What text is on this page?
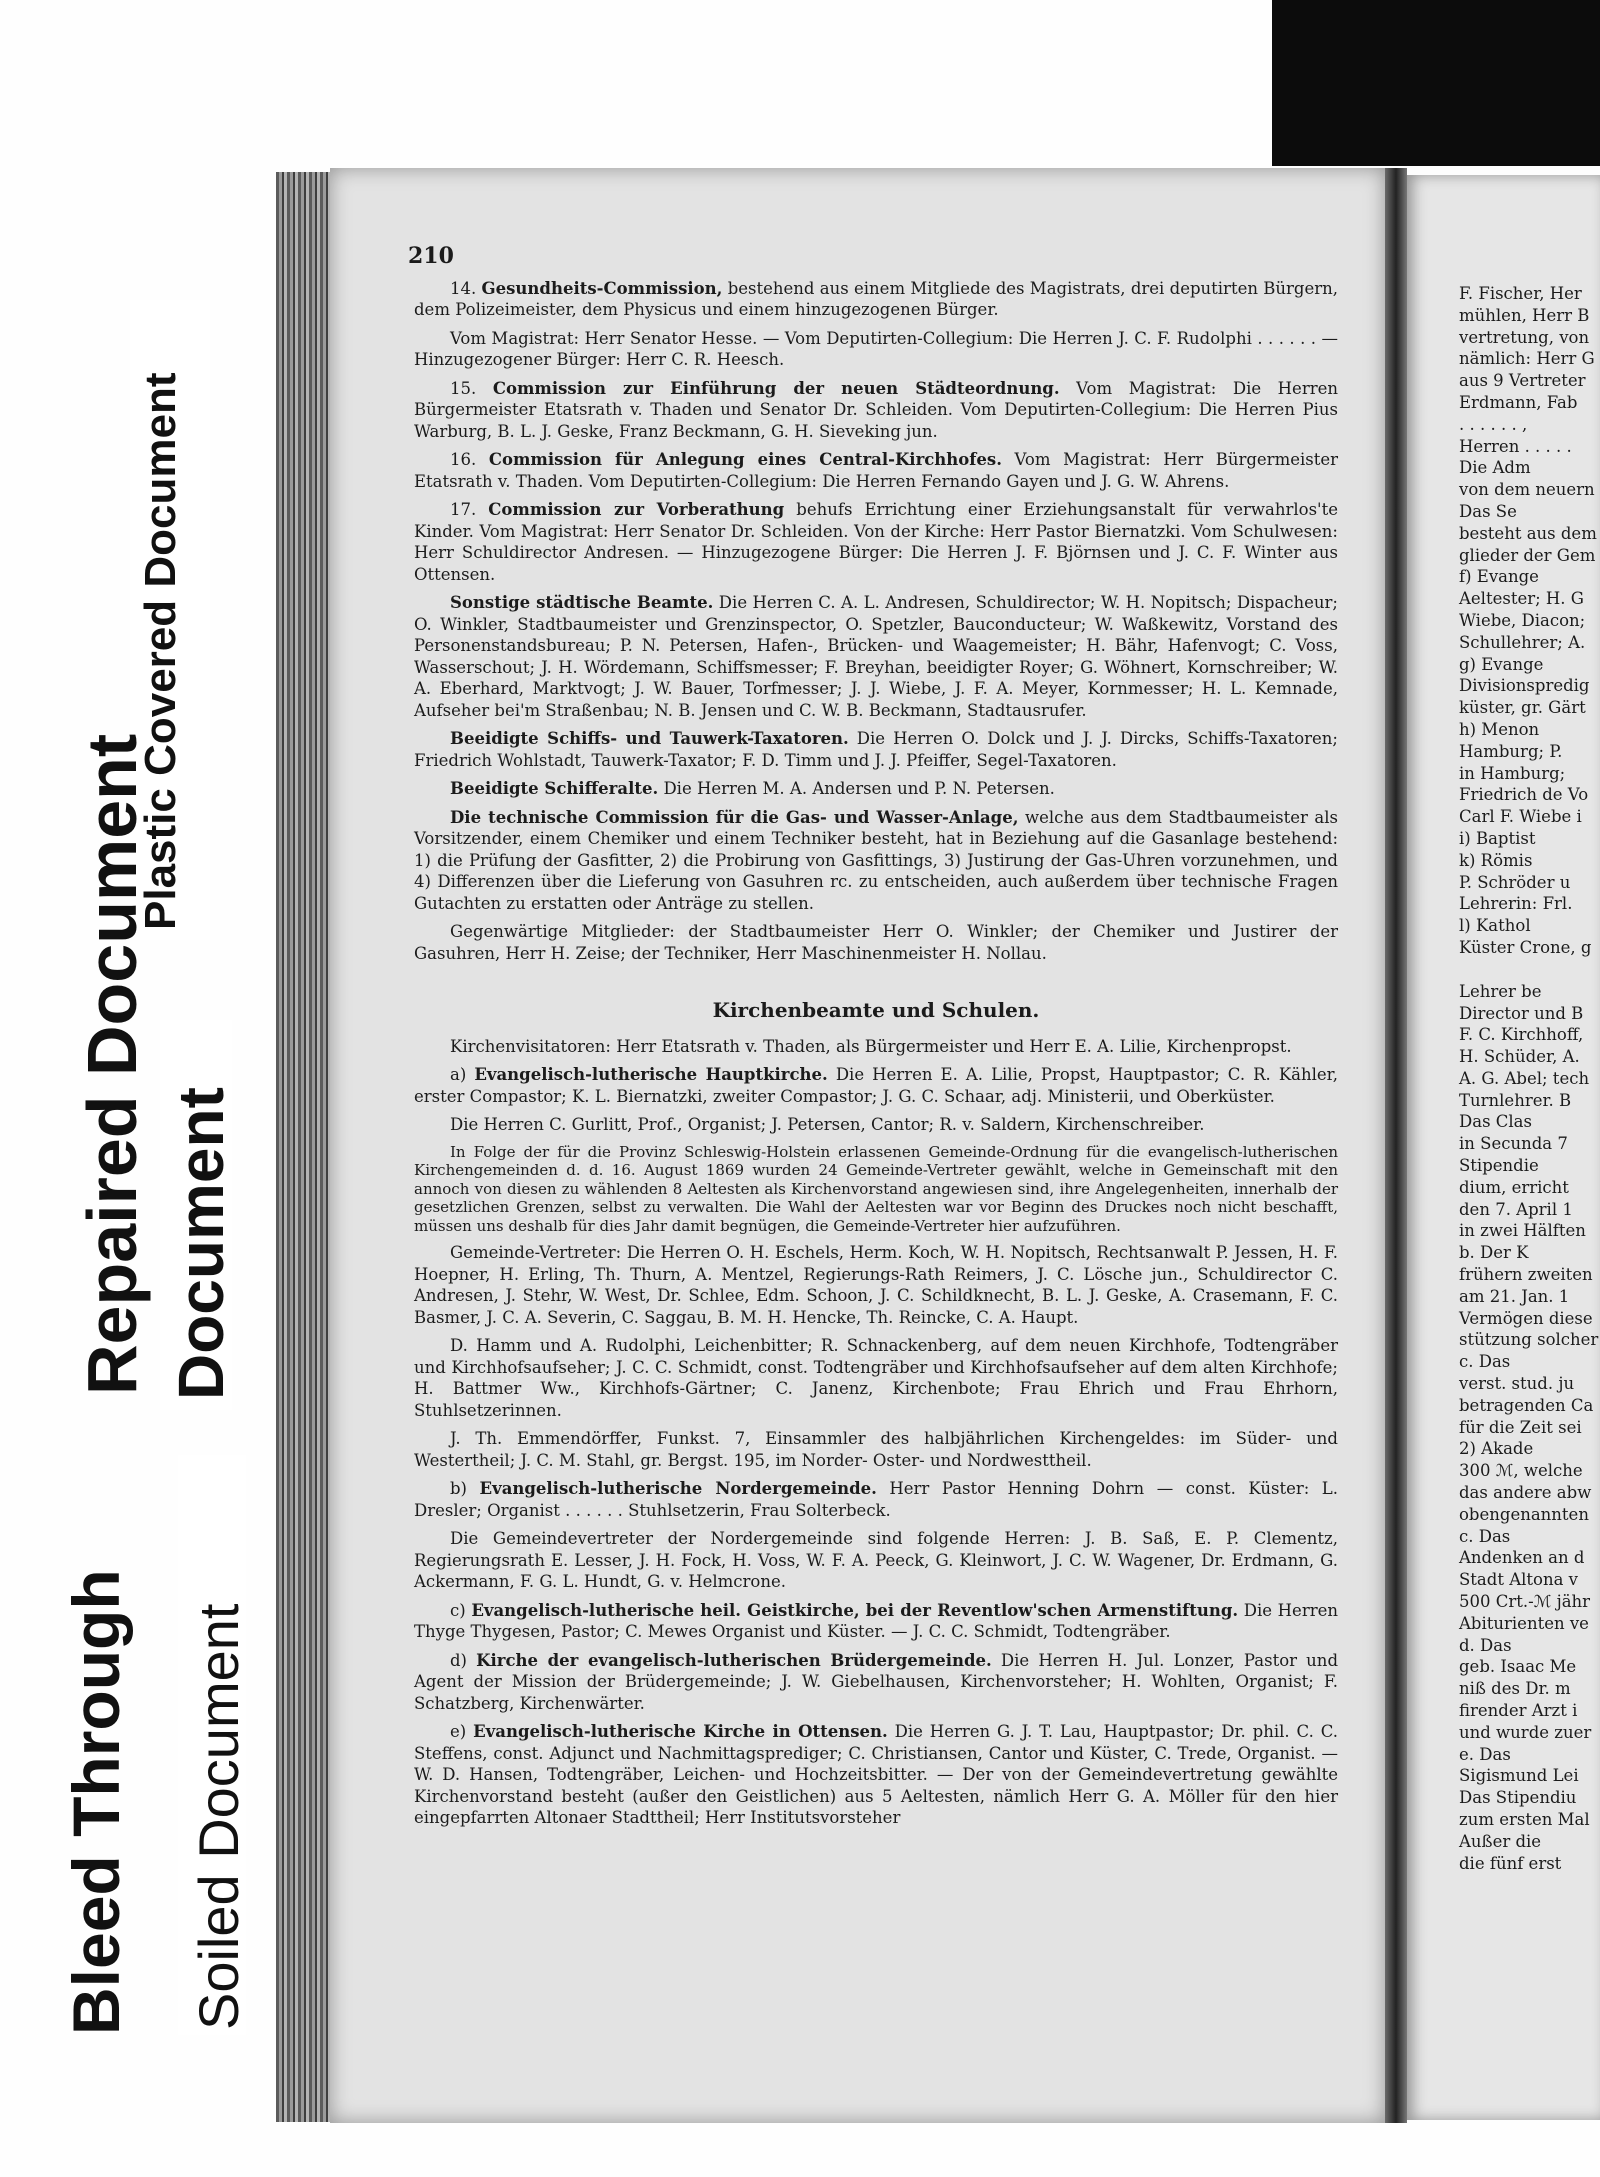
Plastic Covered Document
Repaired Document Document
Bleed Through Soiled Document
210

14. Gesundheits-Commission, bestehend aus einem Mitgliede des Magistrats, drei deputirten Bürgern, dem Polizeimeister, dem Physicus und einem hinzugezogenen Bürger.

Vom Magistrat: Herr Senator Hesse. — Vom Deputirten-Collegium: Die Herren J. C. F. Rudolphi . . . . . . — Hinzugezogener Bürger: Herr C. R. Heesch.

15. Commission zur Einführung der neuen Städteordnung. Vom Magistrat: Die Herren Bürgermeister Etatsrath v. Thaden und Senator Dr. Schleiden. Vom Deputirten-Collegium: Die Herren Pius Warburg, B. L. J. Geske, Franz Beckmann, G. H. Sieveking jun.

16. Commission für Anlegung eines Central-Kirchhofes. Vom Magistrat: Herr Bürgermeister Etatsrath v. Thaden. Vom Deputirten-Collegium: Die Herren Fernando Gayen und J. G. W. Ahrens.

17. Commission zur Vorberathung behufs Errichtung einer Erziehungsanstalt für verwahrlos'te Kinder. Vom Magistrat: Herr Senator Dr. Schleiden. Von der Kirche: Herr Pastor Biernatzki. Vom Schulwesen: Herr Schuldirector Andresen. — Hinzugezogene Bürger: Die Herren J. F. Björnsen und J. C. F. Winter aus Ottensen.

Sonstige städtische Beamte. Die Herren C. A. L. Andresen, Schuldirector; W. H. Nopitsch; Dispacheur; O. Winkler, Stadtbaumeister und Grenzinspector, O. Spetzler, Bauconducteur; W. Waßkewitz, Vorstand des Personenstandsbureau; P. N. Petersen, Hafen-, Brücken- und Waagemeister; H. Bähr, Hafenvogt; C. Voss, Wasserschout; J. H. Wördemann, Schiffsmesser; F. Breyhan, beeidigter Royer; G. Wöhnert, Kornschreiber; W. A. Eberhard, Marktvogt; J. W. Bauer, Torfmesser; J. J. Wiebe, J. F. A. Meyer, Kornmesser; H. L. Kemnade, Aufseher bei'm Straßenbau; N. B. Jensen und C. W. B. Beckmann, Stadtausrufer.

Beeidigte Schiffs- und Tauwerk-Taxatoren. Die Herren O. Dolck und J. J. Dircks, Schiffs-Taxatoren; Friedrich Wohlstadt, Tauwerk-Taxator; F. D. Timm und J. J. Pfeiffer, Segel-Taxatoren.

Beeidigte Schifferalte. Die Herren M. A. Andersen und P. N. Petersen.

Die technische Commission für die Gas- und Wasser-Anlage, welche aus dem Stadtbaumeister als Vorsitzender, einem Chemiker und einem Techniker besteht, hat in Beziehung auf die Gasanlage bestehend: 1) die Prüfung der Gasfitter, 2) die Probirung von Gasfittings, 3) Justirung der Gas-Uhren vorzunehmen, und 4) Differenzen über die Lieferung von Gasuhren rc. zu entscheiden, auch außerdem über technische Fragen Gutachten zu erstatten oder Anträge zu stellen.

Gegenwärtige Mitglieder: der Stadtbaumeister Herr O. Winkler; der Chemiker und Justirer der Gasuhren, Herr H. Zeise; der Techniker, Herr Maschinenmeister H. Nollau.

Kirchenbeamte und Schulen.

Kirchenvisitatoren: Herr Etatsrath v. Thaden, als Bürgermeister und Herr E. A. Lilie, Kirchenpropst.

a) Evangelisch-lutherische Hauptkirche. Die Herren E. A. Lilie, Propst, Hauptpastor; C. R. Kähler, erster Compastor; K. L. Biernatzki, zweiter Compastor; J. G. C. Schaar, adj. Ministerii, und Oberküster.

Die Herren C. Gurlitt, Prof., Organist; J. Petersen, Cantor; R. v. Saldern, Kirchenschreiber.

In Folge der für die Provinz Schleswig-Holstein erlassenen Gemeinde-Ordnung für die evangelisch-lutherischen Kirchengemeinden d. d. 16. August 1869 wurden 24 Gemeinde-Vertreter gewählt, welche in Gemeinschaft mit den annoch von diesen zu wählenden 8 Aeltesten als Kirchenvorstand angewiesen sind, ihre Angelegenheiten, innerhalb der gesetzlichen Grenzen, selbst zu verwalten. Die Wahl der Aeltesten war vor Beginn des Druckes noch nicht beschafft, müssen uns deshalb für dies Jahr damit begnügen, die Gemeinde-Vertreter hier aufzuführen.

Gemeinde-Vertreter: Die Herren O. H. Eschels, Herm. Koch, W. H. Nopitsch, Rechtsanwalt P. Jessen, H. F. Hoepner, H. Erling, Th. Thurn, A. Mentzel, Regierungs-Rath Reimers, J. C. Lösche jun., Schuldirector C. Andresen, J. Stehr, W. West, Dr. Schlee, Edm. Schoon, J. C. Schildknecht, B. L. J. Geske, A. Crasemann, F. C. Basmer, J. C. A. Severin, C. Saggau, B. M. H. Hencke, Th. Reincke, C. A. Haupt.

D. Hamm und A. Rudolphi, Leichenbitter; R. Schnackenberg, auf dem neuen Kirchhofe, Todtengräber und Kirchhofsaufseher; J. C. C. Schmidt, const. Todtengräber und Kirchhofsaufseher auf dem alten Kirchhofe; H. Battmer Ww., Kirchhofs-Gärtner; C. Janenz, Kirchenbote; Frau Ehrich und Frau Ehrhorn, Stuhlsetzerinnen.

J. Th. Emmendörffer, Funkst. 7, Einsammler des halbjährlichen Kirchengeldes: im Süder- und Westertheil; J. C. M. Stahl, gr. Bergst. 195, im Norder- Oster- und Nordwesttheil.

b) Evangelisch-lutherische Nordergemeinde. Herr Pastor Henning Dohrn — const. Küster: L. Dresler; Organist . . . . . . Stuhlsetzerin, Frau Solterbeck.

Die Gemeindevertreter der Nordergemeinde sind folgende Herren: J. B. Saß, E. P. Clementz, Regierungsrath E. Lesser, J. H. Fock, H. Voss, W. F. A. Peeck, G. Kleinwort, J. C. W. Wagener, Dr. Erdmann, G. Ackermann, F. G. L. Hundt, G. v. Helmcrone.

c) Evangelisch-lutherische heil. Geistkirche, bei der Reventlow'schen Armenstiftung. Die Herren Thyge Thygesen, Pastor; C. Mewes Organist und Küster. — J. C. C. Schmidt, Todtengräber.

d) Kirche der evangelisch-lutherischen Brüdergemeinde. Die Herren H. Jul. Lonzer, Pastor und Agent der Mission der Brüdergemeinde; J. W. Giebelhausen, Kirchenvorsteher; H. Wohlten, Organist; F. Schatzberg, Kirchenwärter.

e) Evangelisch-lutherische Kirche in Ottensen. Die Herren G. J. T. Lau, Hauptpastor; Dr. phil. C. C. Steffens, const. Adjunct und Nachmittagsprediger; C. Christiansen, Cantor und Küster, C. Trede, Organist. — W. D. Hansen, Todtengräber, Leichen- und Hochzeitsbitter. — Der von der Gemeindevertretung gewählte Kirchenvorstand besteht (außer den Geistlichen) aus 5 Aeltesten, nämlich Herr G. A. Möller für den hier eingepfarrten Altonaer Stadttheil; Herr Institutsvorsteher

F. Fischer, Her
mühlen, Herr B
vertretung, von
nämlich: Herr G
aus 9 Vertreter
Erdmann, Fab
. . . . . . ,
Herren . . . . .
Die Adm
von dem neuern
Das Se
besteht aus dem
glieder der Gem
f) Evange
Aeltester; H. G
Wiebe, Diacon;
Schullehrer; A.
g) Evange
Divisionspredig
küster, gr. Gärt
h) Menon
Hamburg; P.
in Hamburg;
Friedrich de Vo
Carl F. Wiebe i
i) Baptist
k) Römis
P. Schröder u
Lehrerin: Frl.
l) Kathol
Küster Crone, g
Lehrer be
Director und B
F. C. Kirchhoff,
H. Schüder, A.
A. G. Abel; tech
Turnlehrer. B
Das Clas
in Secunda 7
Stipendie
dium, erricht
den 7. April 1
in zwei Hälften
b. Der K
frühern zweiten
am 21. Jan. 1
Vermögen diese
stützung solcher
c. Das
verst. stud. ju
betragenden Ca
für die Zeit sei
2) Akade
300 ℳ, welche
das andere abw
obengenannten
c. Das
Andenken an d
Stadt Altona v
500 Crt.-ℳ jähr
Abiturienten ve
d. Das
geb. Isaac Me
niß des Dr. m
firender Arzt i
und wurde zuer
e. Das
Sigismund Lei
Das Stipendiu
zum ersten Mal
Außer die
die fünf erst
